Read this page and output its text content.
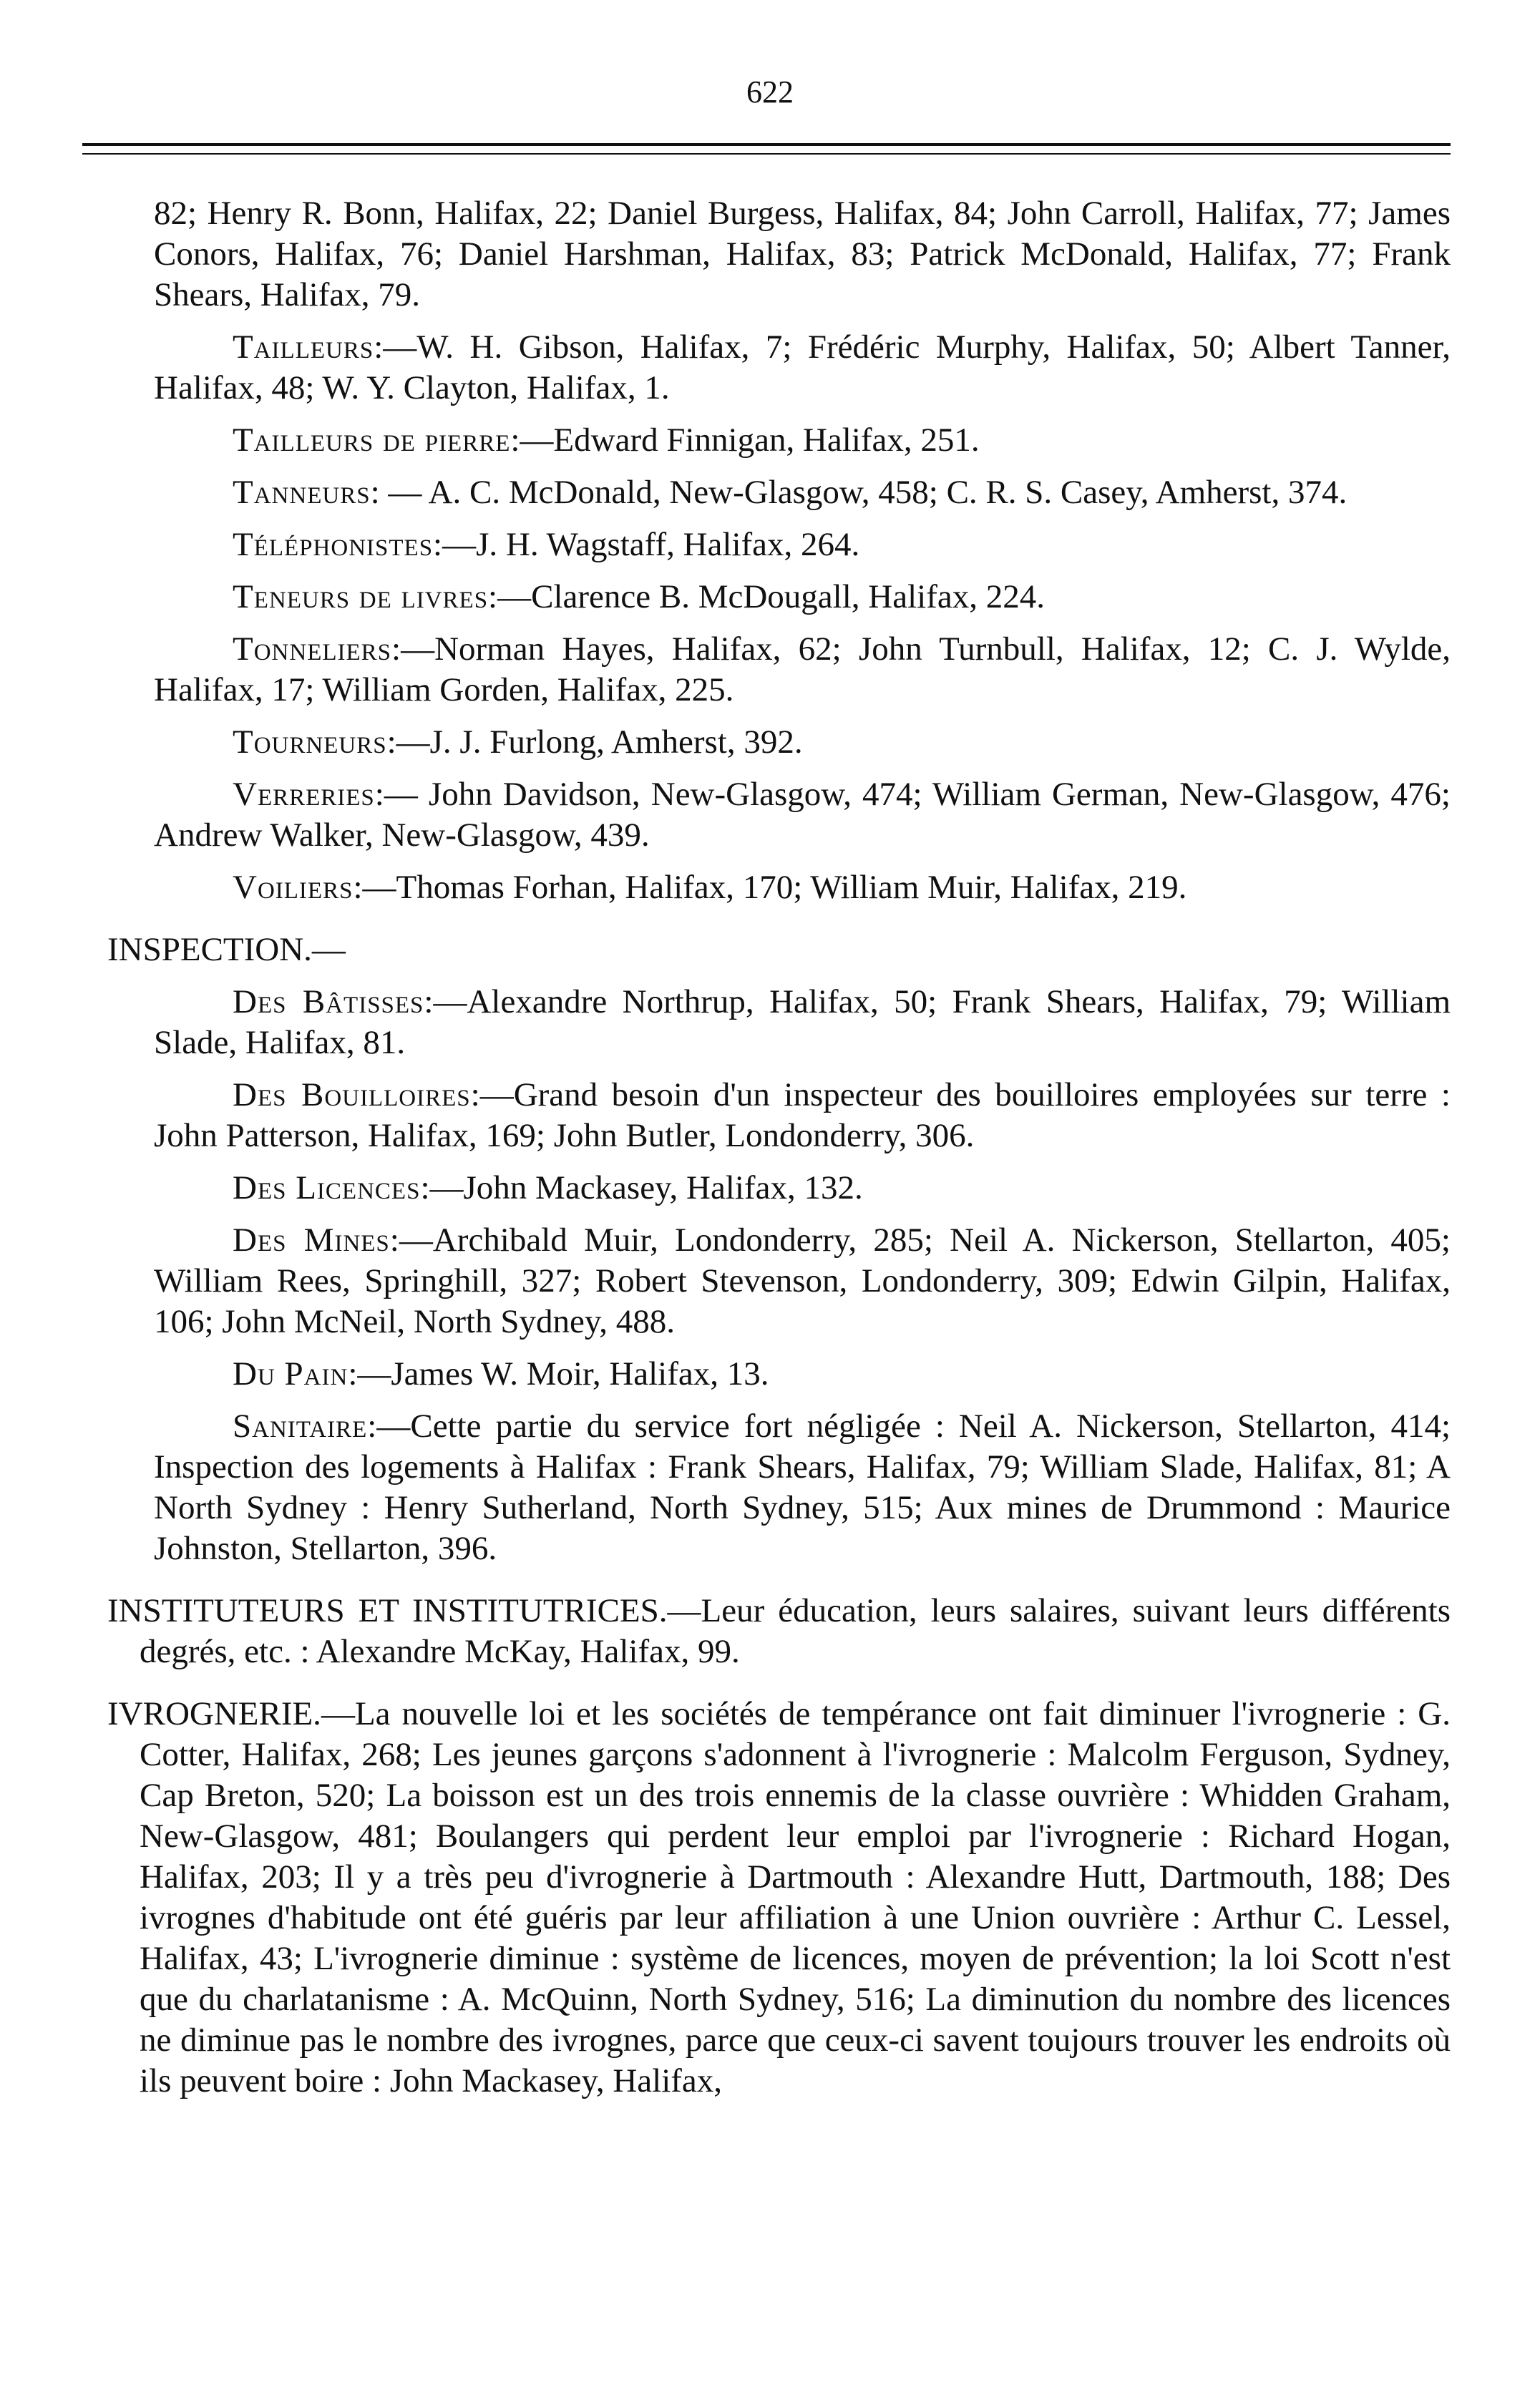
622

82; Henry R. Bonn, Halifax, 22; Daniel Burgess, Halifax, 84; John Carroll, Halifax, 77; James Conors, Halifax, 76; Daniel Harshman, Halifax, 83; Patrick McDonald, Halifax, 77; Frank Shears, Halifax, 79.

Tailleurs:—W. H. Gibson, Halifax, 7; Frédéric Murphy, Halifax, 50; Albert Tanner, Halifax, 48; W. Y. Clayton, Halifax, 1.

Tailleurs de pierre:—Edward Finnigan, Halifax, 251.

Tanneurs: — A. C. McDonald, New-Glasgow, 458; C. R. S. Casey, Amherst, 374.

Téléphonistes:—J. H. Wagstaff, Halifax, 264.

Teneurs de livres:—Clarence B. McDougall, Halifax, 224.

Tonneliers:—Norman Hayes, Halifax, 62; John Turnbull, Halifax, 12; C. J. Wylde, Halifax, 17; William Gorden, Halifax, 225.

Tourneurs:—J. J. Furlong, Amherst, 392.

Verreries:— John Davidson, New-Glasgow, 474; William German, New-Glasgow, 476; Andrew Walker, New-Glasgow, 439.

Voiliers:—Thomas Forhan, Halifax, 170; William Muir, Halifax, 219.

INSPECTION.—

Des Bâtisses:—Alexandre Northrup, Halifax, 50; Frank Shears, Halifax, 79; William Slade, Halifax, 81.

Des Bouilloires:—Grand besoin d'un inspecteur des bouilloires employées sur terre : John Patterson, Halifax, 169; John Butler, Londonderry, 306.

Des Licences:—John Mackasey, Halifax, 132.

Des Mines:—Archibald Muir, Londonderry, 285; Neil A. Nickerson, Stellarton, 405; William Rees, Springhill, 327; Robert Stevenson, Londonderry, 309; Edwin Gilpin, Halifax, 106; John McNeil, North Sydney, 488.

Du Pain:—James W. Moir, Halifax, 13.

Sanitaire:—Cette partie du service fort négligée : Neil A. Nickerson, Stellarton, 414; Inspection des logements à Halifax : Frank Shears, Halifax, 79; William Slade, Halifax, 81; A North Sydney : Henry Sutherland, North Sydney, 515; Aux mines de Drummond : Maurice Johnston, Stellarton, 396.

INSTITUTEURS ET INSTITUTRICES.—Leur éducation, leurs salaires, suivant leurs différents degrés, etc. : Alexandre McKay, Halifax, 99.

IVROGNERIE.—La nouvelle loi et les sociétés de tempérance ont fait diminuer l'ivrognerie : G. Cotter, Halifax, 268; Les jeunes garçons s'adonnent à l'ivrognerie : Malcolm Ferguson, Sydney, Cap Breton, 520; La boisson est un des trois ennemis de la classe ouvrière : Whidden Graham, New-Glasgow, 481; Boulangers qui perdent leur emploi par l'ivrognerie : Richard Hogan, Halifax, 203; Il y a très peu d'ivrognerie à Dartmouth : Alexandre Hutt, Dartmouth, 188; Des ivrognes d'habitude ont été guéris par leur affiliation à une Union ouvrière : Arthur C. Lessel, Halifax, 43; L'ivrognerie diminue : système de licences, moyen de prévention; la loi Scott n'est que du charlatanisme : A. McQuinn, North Sydney, 516; La diminution du nombre des licences ne diminue pas le nombre des ivrognes, parce que ceux-ci savent toujours trouver les endroits où ils peuvent boire : John Mackasey, Halifax,
